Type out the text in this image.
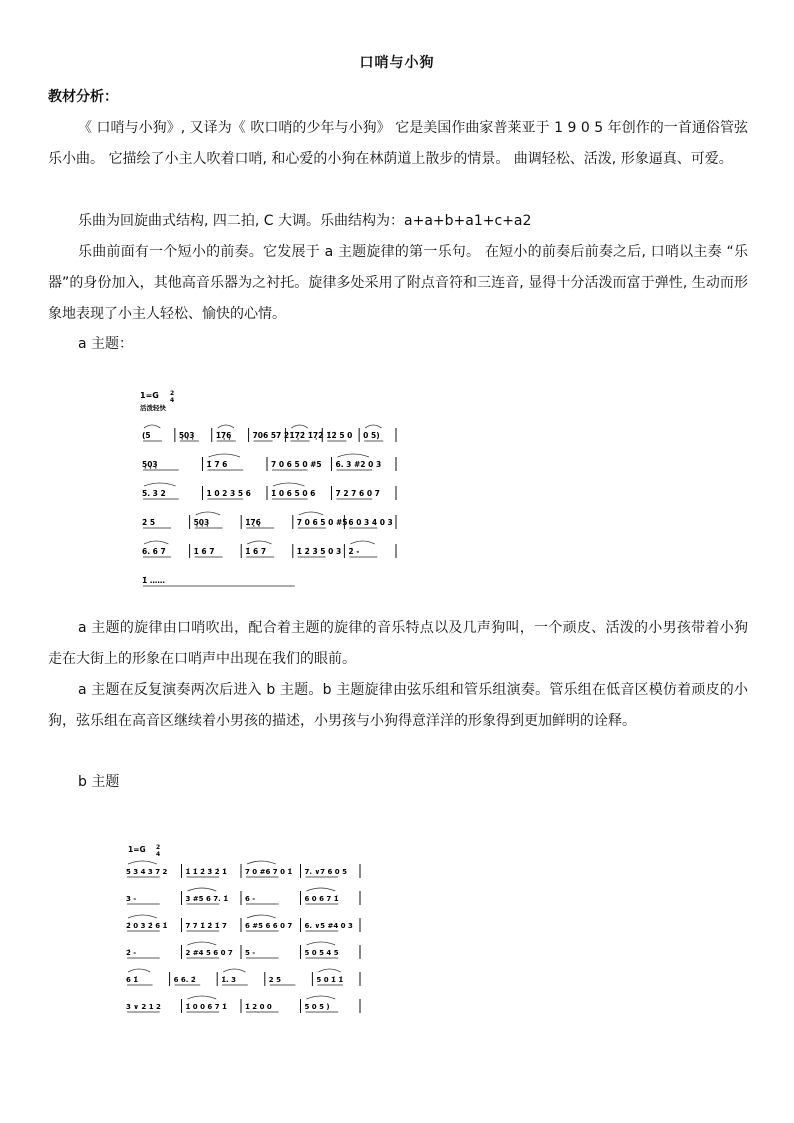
口哨与小狗
教材分析：
《 口哨与小狗》, 又译为《 吹口哨的少年与小狗》 它是美国作曲家普莱亚于 1 9 0 5 年创作的一首通俗管弦乐小曲。 它描绘了小主人吹着口哨, 和心爱的小狗在林荫道上散步的情景。 曲调轻松、活泼, 形象逼真、可爱。
乐曲为回旋曲式结构, 四二拍, C 大调。乐曲结构为：a+a+b+a1+c+a2
乐曲前面有一个短小的前奏。它发展于 a 主题旋律的第一乐句。 在短小的前奏后前奏之后, 口哨以主奏 “乐器”的身份加入，其他高音乐器为之衬托。旋律多处采用了附点音符和三连音, 显得十分活泼而富于弹性, 生动而形象地表现了小主人轻松、愉快的心情。
a 主题：
1=G 2
4
活泼轻快
(5	5̣0̣3̣	1̇7̣6̣	706 57 2̇ 1̇7̣2̇ 1̇7̣2̇ 1̇2̇ 5 0 0 5)
5̣0̣3̣	1̇ 7 6	7 0 6 5 0 #5 6. 3 #2 0 3
5. 3 2	1 0 2 3 5 6	1̇ 0 6 5 0 6	7 2 7 6 0 7
2̇ 5	5̣0̣3̣	1̇7̣6̣	7 0 6 5 0 #5 6 0 3 4 0 3
6. 6 7	1̇ 6 7	1̇ 6 7	1̇ 2̇ 3̇ 5 0 3 2̇ -
1̇ ……
a 主题的旋律由口哨吹出，配合着主题的旋律的音乐特点以及几声狗叫，一个顽皮、活泼的小男孩带着小狗走在大街上的形象在口哨声中出现在我们的眼前。
a 主题在反复演奏两次后进入 b 主题。b 主题旋律由弦乐组和管乐组演奏。管乐组在低音区模仿着顽皮的小狗，弦乐组在高音区继续着小男孩的描述，小男孩与小狗得意洋洋的形象得到更加鲜明的诠释。
b 主题
1=G 2
4
5 3 4 3 7 2	1̇ 1̇ 2̇ 3̇ 2̇ 1̇	7 0 #6 7 0 1̇ 7. ∨7 6 0 5
3 -	3 #5 6 7. 1̇ 6 -	6 0 6 7 1̇
2̇ 0 3 2̇ 6 1̇	7 7 1̇ 2̇ 1̇ 7	6 #5 6 6 0 7 6. ∨5 #4 0 3
2̇ -	2 #4 5 6 0 7 5 -	5 0 5 4 5
6 1̇	6 6. 2̇	1̇. 3	2 5	5 0 1̇ 1̇
3 ∨ 2 1 2	1̇ 0 0 6 7 1̇	1̇ 2 0 0	5 0 5 )
